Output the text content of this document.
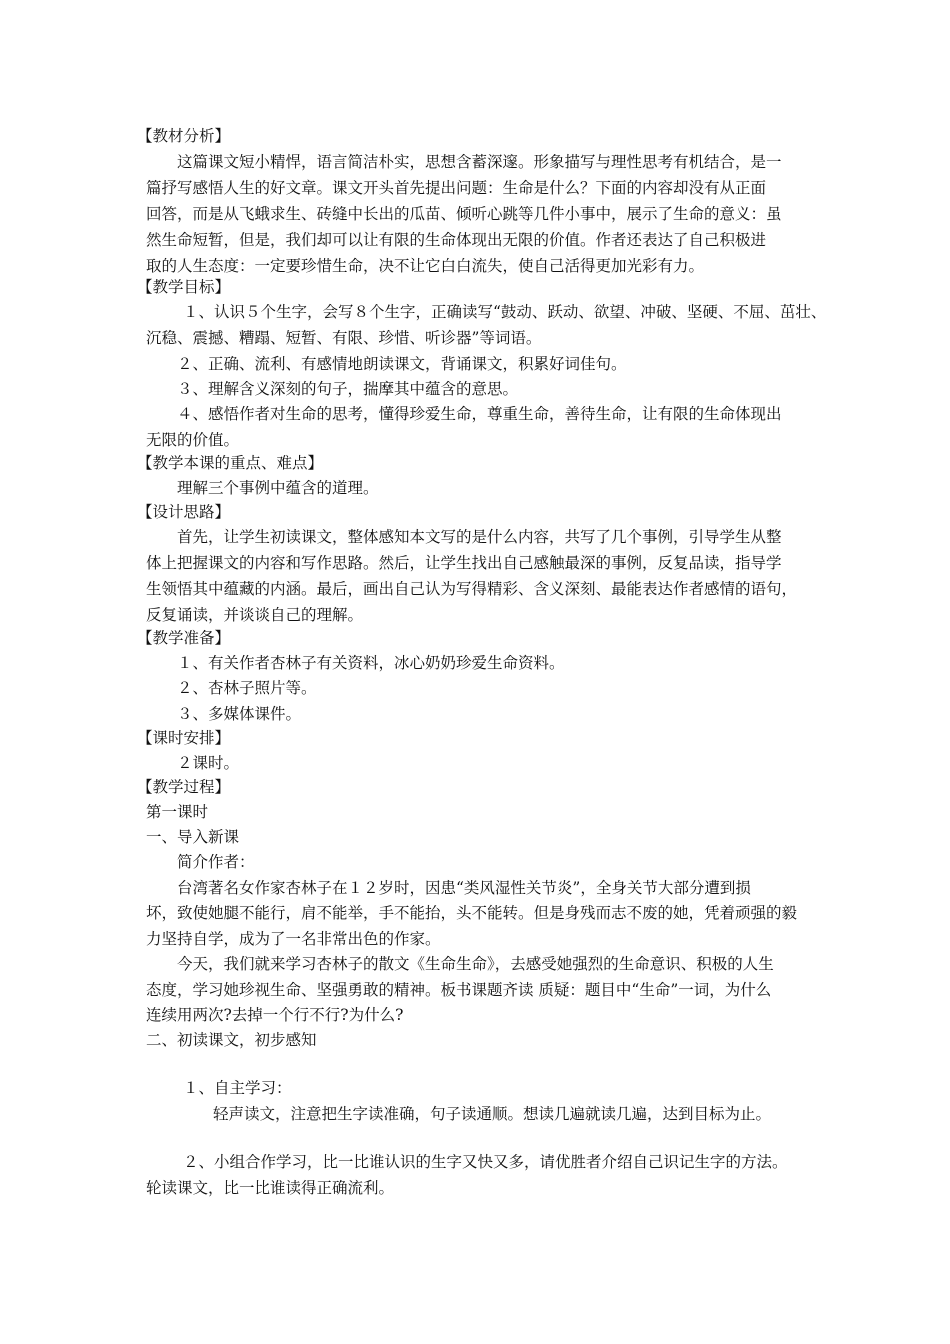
【教材分析】
这篇课文短小精悍，语言简洁朴实，思想含蓄深邃。形象描写与理性思考有机结合，是一
篇抒写感悟人生的好文章。课文开头首先提出问题：生命是什么？下面的内容却没有从正面
回答，而是从飞蛾求生、砖缝中长出的瓜苗、倾听心跳等几件小事中，展示了生命的意义：虽
然生命短暂，但是，我们却可以让有限的生命体现出无限的价值。作者还表达了自己积极进
取的人生态度：一定要珍惜生命，决不让它白白流失，使自己活得更加光彩有力。
【教学目标】
１、认识５个生字，会写８个生字，正确读写“鼓动、跃动、欲望、冲破、坚硬、不屈、茁壮、
沉稳、震撼、糟蹋、短暂、有限、珍惜、听诊器”等词语。
２、正确、流利、有感情地朗读课文，背诵课文，积累好词佳句。
３、理解含义深刻的句子，揣摩其中蕴含的意思。
４、感悟作者对生命的思考，懂得珍爱生命，尊重生命，善待生命，让有限的生命体现出
无限的价值。
【教学本课的重点、难点】
理解三个事例中蕴含的道理。
【设计思路】
首先，让学生初读课文，整体感知本文写的是什么内容，共写了几个事例，引导学生从整
体上把握课文的内容和写作思路。然后，让学生找出自己感触最深的事例，反复品读，指导学
生领悟其中蕴藏的内涵。最后，画出自己认为写得精彩、含义深刻、最能表达作者感情的语句，
反复诵读，并谈谈自己的理解。
【教学准备】
１、有关作者杏林子有关资料，冰心奶奶珍爱生命资料。
２、杏林子照片等。
３、多媒体课件。
【课时安排】
２课时。
【教学过程】
第一课时
一、导入新课
简介作者：
台湾著名女作家杏林子在１２岁时，因患“类风湿性关节炎”，全身关节大部分遭到损
坏，致使她腿不能行，肩不能举，手不能抬，头不能转。但是身残而志不废的她，凭着顽强的毅
力坚持自学，成为了一名非常出色的作家。
今天，我们就来学习杏林子的散文《生命生命》，去感受她强烈的生命意识、积极的人生
态度，学习她珍视生命、坚强勇敢的精神。板书课题齐读 质疑：题目中“生命”一词，为什么
连续用两次?去掉一个行不行?为什么?
二、初读课文，初步感知
１、自主学习：
轻声读文，注意把生字读准确，句子读通顺。想读几遍就读几遍，达到目标为止。
２、小组合作学习，比一比谁认识的生字又快又多，请优胜者介绍自己识记生字的方法。
轮读课文，比一比谁读得正确流利。
